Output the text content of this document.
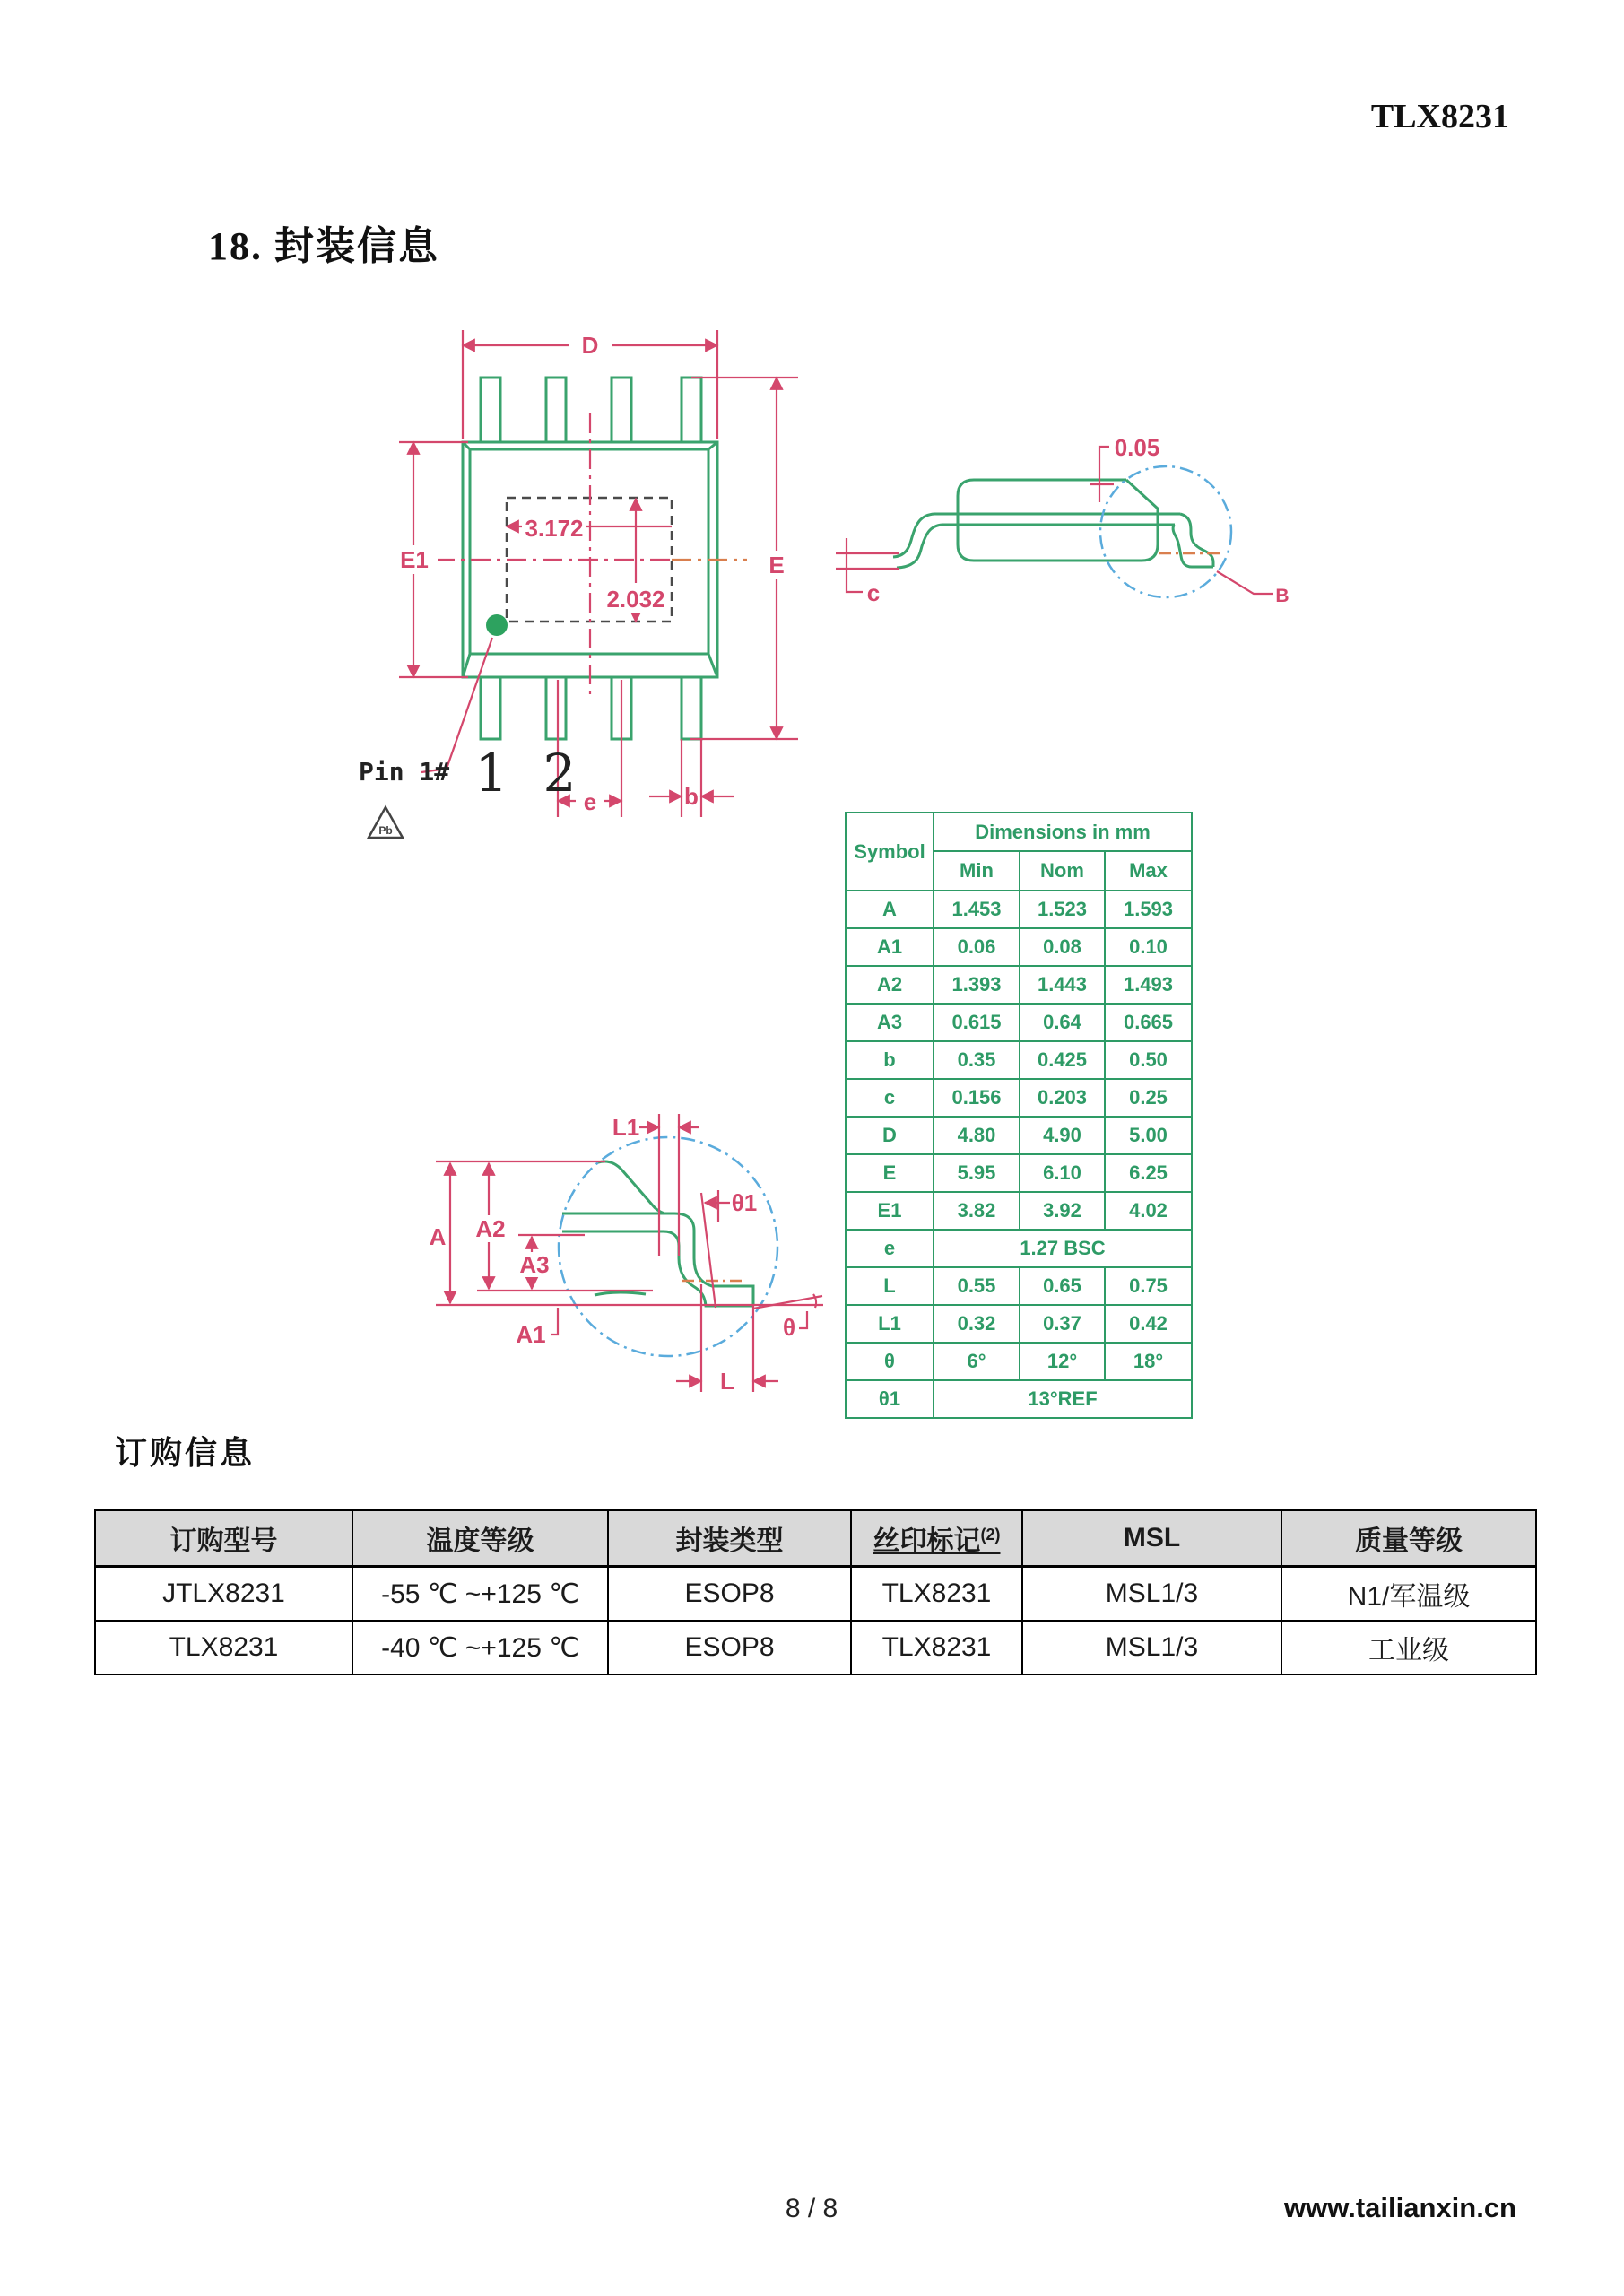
TLX8231
18. 封装信息
D
E
E1
3.172
2.032
e	b
Pin 1# 1 2
Pb
0.05
c	B
A A2
A3
A1
L1
θ1
θ
L
Symbol	Dimensions in mm		
	Min	Nom	Max
A	1.453	1.523	1.593
A1	0.06	0.08	0.10
A2	1.393	1.443	1.493
A3	0.615	0.64	0.665
b	0.35	0.425	0.50
c	0.156	0.203	0.25
D	4.80	4.90	5.00
E	5.95	6.10	6.25
E1	3.82	3.92	4.02
e	1.27 BSC		
L	0.55	0.65	0.75
L1	0.32	0.37	0.42
θ	6°	12°	18°
θ1	13°REF		
订购信息
订购型号	温度等级	封装类型	丝印标记$^{(2)}$	MSL	质量等级
JTLX8231	-55 ℃ ~+125 ℃	ESOP8	TLX8231	MSL1/3	N1/军温级
TLX8231	-40 ℃ ~+125 ℃	ESOP8	TLX8231	MSL1/3	工业级
8 / 8	www.tailianxin.cn
